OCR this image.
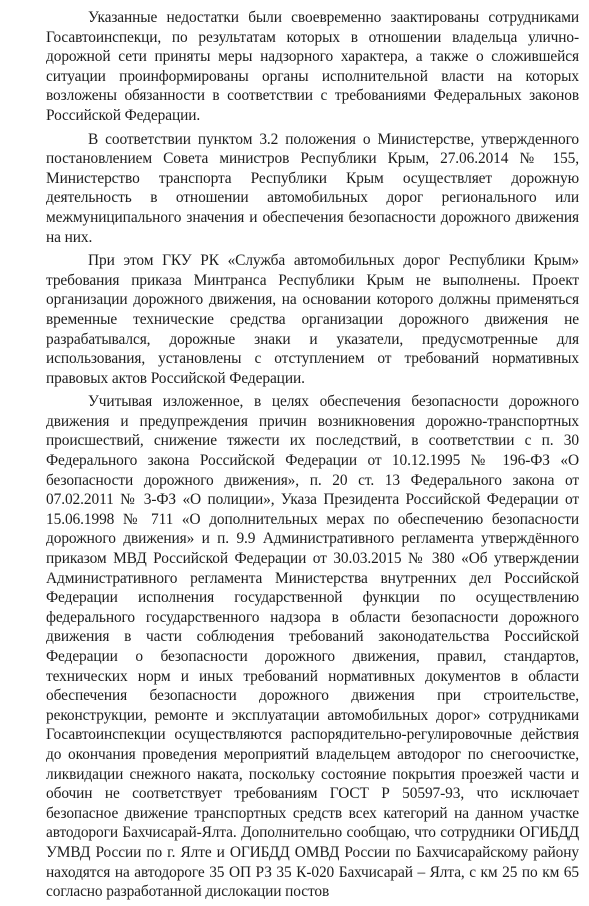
Указанные недостатки были своевременно заактированы сотрудниками Госавтоинспекци, по результатам которых в отношении владельца улично-дорожной сети приняты меры надзорного характера, а также о сложившейся ситуации проинформированы органы исполнительной власти на которых возложены обязанности в соответствии с требованиями Федеральных законов Российской Федерации.

В соответствии пунктом 3.2 положения о Министерстве, утвержденного постановлением Совета министров Республики Крым, 27.06.2014 № 155, Министерство транспорта Республики Крым осуществляет дорожную деятельность в отношении автомобильных дорог регионального или межмуниципального значения и обеспечения безопасности дорожного движения на них.

При этом ГКУ РК «Служба автомобильных дорог Республики Крым» требования приказа Минтранса Республики Крым не выполнены. Проект организации дорожного движения, на основании которого должны применяться временные технические средства организации дорожного движения не разрабатывался, дорожные знаки и указатели, предусмотренные для использования, установлены с отступлением от требований нормативных правовых актов Российской Федерации.

Учитывая изложенное, в целях обеспечения безопасности дорожного движения и предупреждения причин возникновения дорожно-транспортных происшествий, снижение тяжести их последствий, в соответствии с п. 30 Федерального закона Российской Федерации от 10.12.1995 № 196-ФЗ «О безопасности дорожного движения», п. 20 ст. 13 Федерального закона от 07.02.2011 № 3-ФЗ «О полиции», Указа Президента Российской Федерации от 15.06.1998 № 711 «О дополнительных мерах по обеспечению безопасности дорожного движения» и п. 9.9 Административного регламента утверждённого приказом МВД Российской Федерации от 30.03.2015 № 380 «Об утверждении Административного регламента Министерства внутренних дел Российской Федерации исполнения государственной функции по осуществлению федерального государственного надзора в области безопасности дорожного движения в части соблюдения требований законодательства Российской Федерации о безопасности дорожного движения, правил, стандартов, технических норм и иных требований нормативных документов в области обеспечения безопасности дорожного движения при строительстве, реконструкции, ремонте и эксплуатации автомобильных дорог» сотрудниками Госавтоинспекции осуществляются распорядительно-регулировочные действия до окончания проведения мероприятий владельцем автодорог по снегоочистке, ликвидации снежного наката, поскольку состояние покрытия проезжей части и обочин не соответствует требованиям ГОСТ Р 50597-93, что исключает безопасное движение транспортных средств всех категорий на данном участке автодороги Бахчисарай-Ялта. Дополнительно сообщаю, что сотрудники ОГИБДД УМВД России по г. Ялте и ОГИБДД ОМВД России по Бахчисарайскому району находятся на автодороге 35 ОП РЗ 35 К-020 Бахчисарай – Ялта, с км 25 по км 65 согласно разработанной дислокации постов
